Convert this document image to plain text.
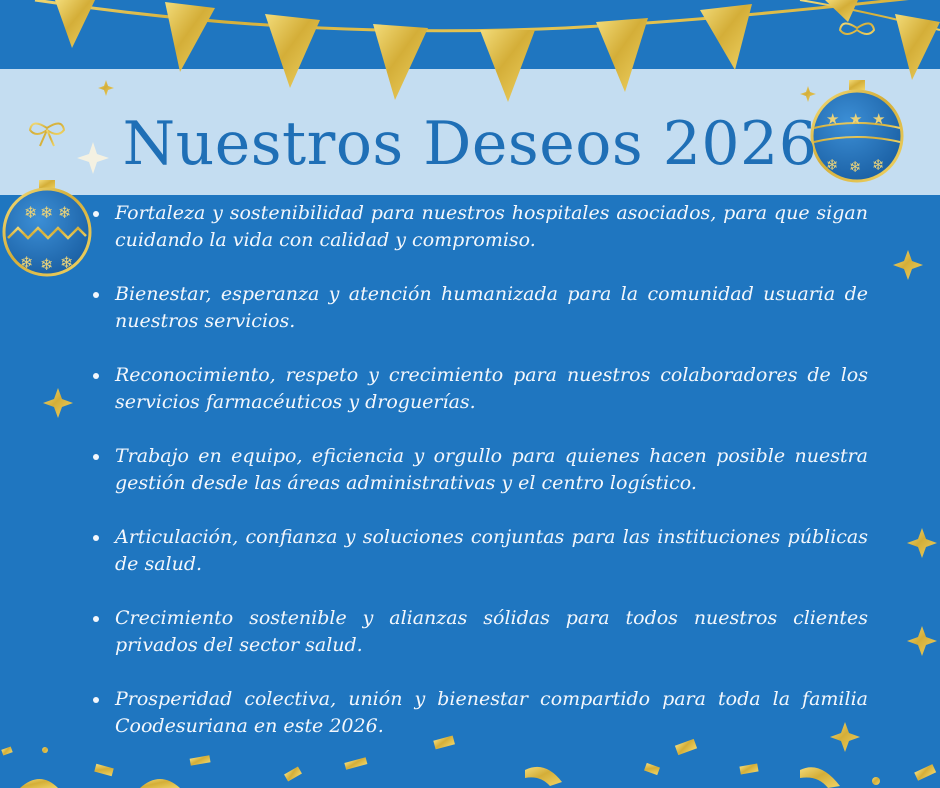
❄ ❄ ❄
❄ ❄ ❄
★ ★ ★
❄ ❄ ❄
Nuestros Deseos 2026
Fortaleza y sostenibilidad para nuestros hospitales asociados, para que sigan cuidando la vida con calidad y compromiso.
Bienestar, esperanza y atención humanizada para la comunidad usuaria de nuestros servicios.
Reconocimiento, respeto y crecimiento para nuestros colaboradores de los servicios farmacéuticos y droguerías.
Trabajo en equipo, eficiencia y orgullo para quienes hacen posible nuestra gestión desde las áreas administrativas y el centro logístico.
Articulación, confianza y soluciones conjuntas para las instituciones públicas de salud.
Crecimiento sostenible y alianzas sólidas para todos nuestros clientes privados del sector salud.
Prosperidad colectiva, unión y bienestar compartido para toda la familia Coodesuriana en este 2026.
